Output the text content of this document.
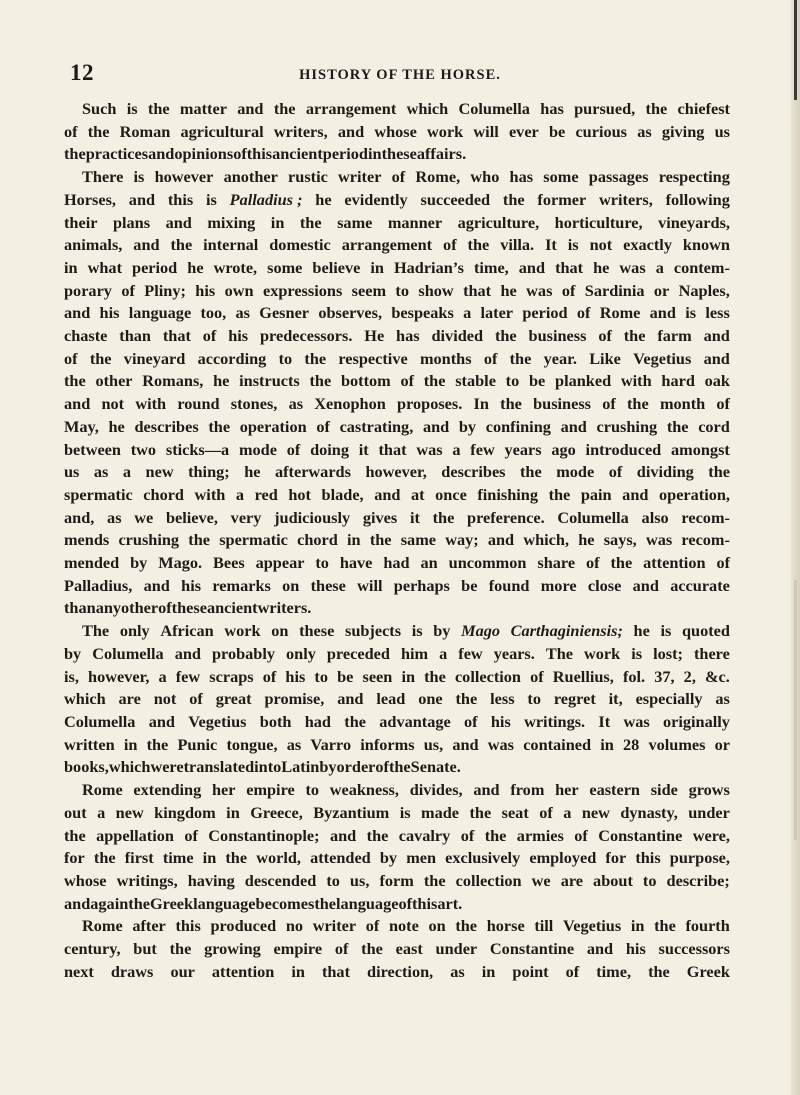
12	HISTORY OF THE HORSE.
Such is the matter and the arrangement which Columella has pursued, the chiefest
of the Roman agricultural writers, and whose work will ever be curious as giving us
the practices and opinions of this ancient period in these affairs.
There is however another rustic writer of Rome, who has some passages respecting
Horses, and this is Palladius ; he evidently succeeded the former writers, following
their plans and mixing in the same manner agriculture, horticulture, vineyards,
animals, and the internal domestic arrangement of the villa. It is not exactly known
in what period he wrote, some believe in Hadrian’s time, and that he was a contem-
porary of Pliny; his own expressions seem to show that he was of Sardinia or Naples,
and his language too, as Gesner observes, bespeaks a later period of Rome and is less
chaste than that of his predecessors. He has divided the business of the farm and
of the vineyard according to the respective months of the year. Like Vegetius and
the other Romans, he instructs the bottom of the stable to be planked with hard oak
and not with round stones, as Xenophon proposes. In the business of the month of
May, he describes the operation of castrating, and by confining and crushing the cord
between two sticks—a mode of doing it that was a few years ago introduced amongst
us as a new thing; he afterwards however, describes the mode of dividing the
spermatic chord with a red hot blade, and at once finishing the pain and operation,
and, as we believe, very judiciously gives it the preference. Columella also recom-
mends crushing the spermatic chord in the same way; and which, he says, was recom-
mended by Mago. Bees appear to have had an uncommon share of the attention of
Palladius, and his remarks on these will perhaps be found more close and accurate
than any other of these ancient writers.
The only African work on these subjects is by Mago Carthaginiensis; he is quoted
by Columella and probably only preceded him a few years. The work is lost; there
is, however, a few scraps of his to be seen in the collection of Ruellius, fol. 37, 2, &c.
which are not of great promise, and lead one the less to regret it, especially as
Columella and Vegetius both had the advantage of his writings. It was originally
written in the Punic tongue, as Varro informs us, and was contained in 28 volumes or
books, which were translated into Latin by order of the Senate.
Rome extending her empire to weakness, divides, and from her eastern side grows
out a new kingdom in Greece, Byzantium is made the seat of a new dynasty, under
the appellation of Constantinople; and the cavalry of the armies of Constantine were,
for the first time in the world, attended by men exclusively employed for this purpose,
whose writings, having descended to us, form the collection we are about to describe;
and again the Greek language becomes the language of this art.
Rome after this produced no writer of note on the horse till Vegetius in the fourth
century, but the growing empire of the east under Constantine and his successors
next draws our attention in that direction, as in point of time, the Greek
